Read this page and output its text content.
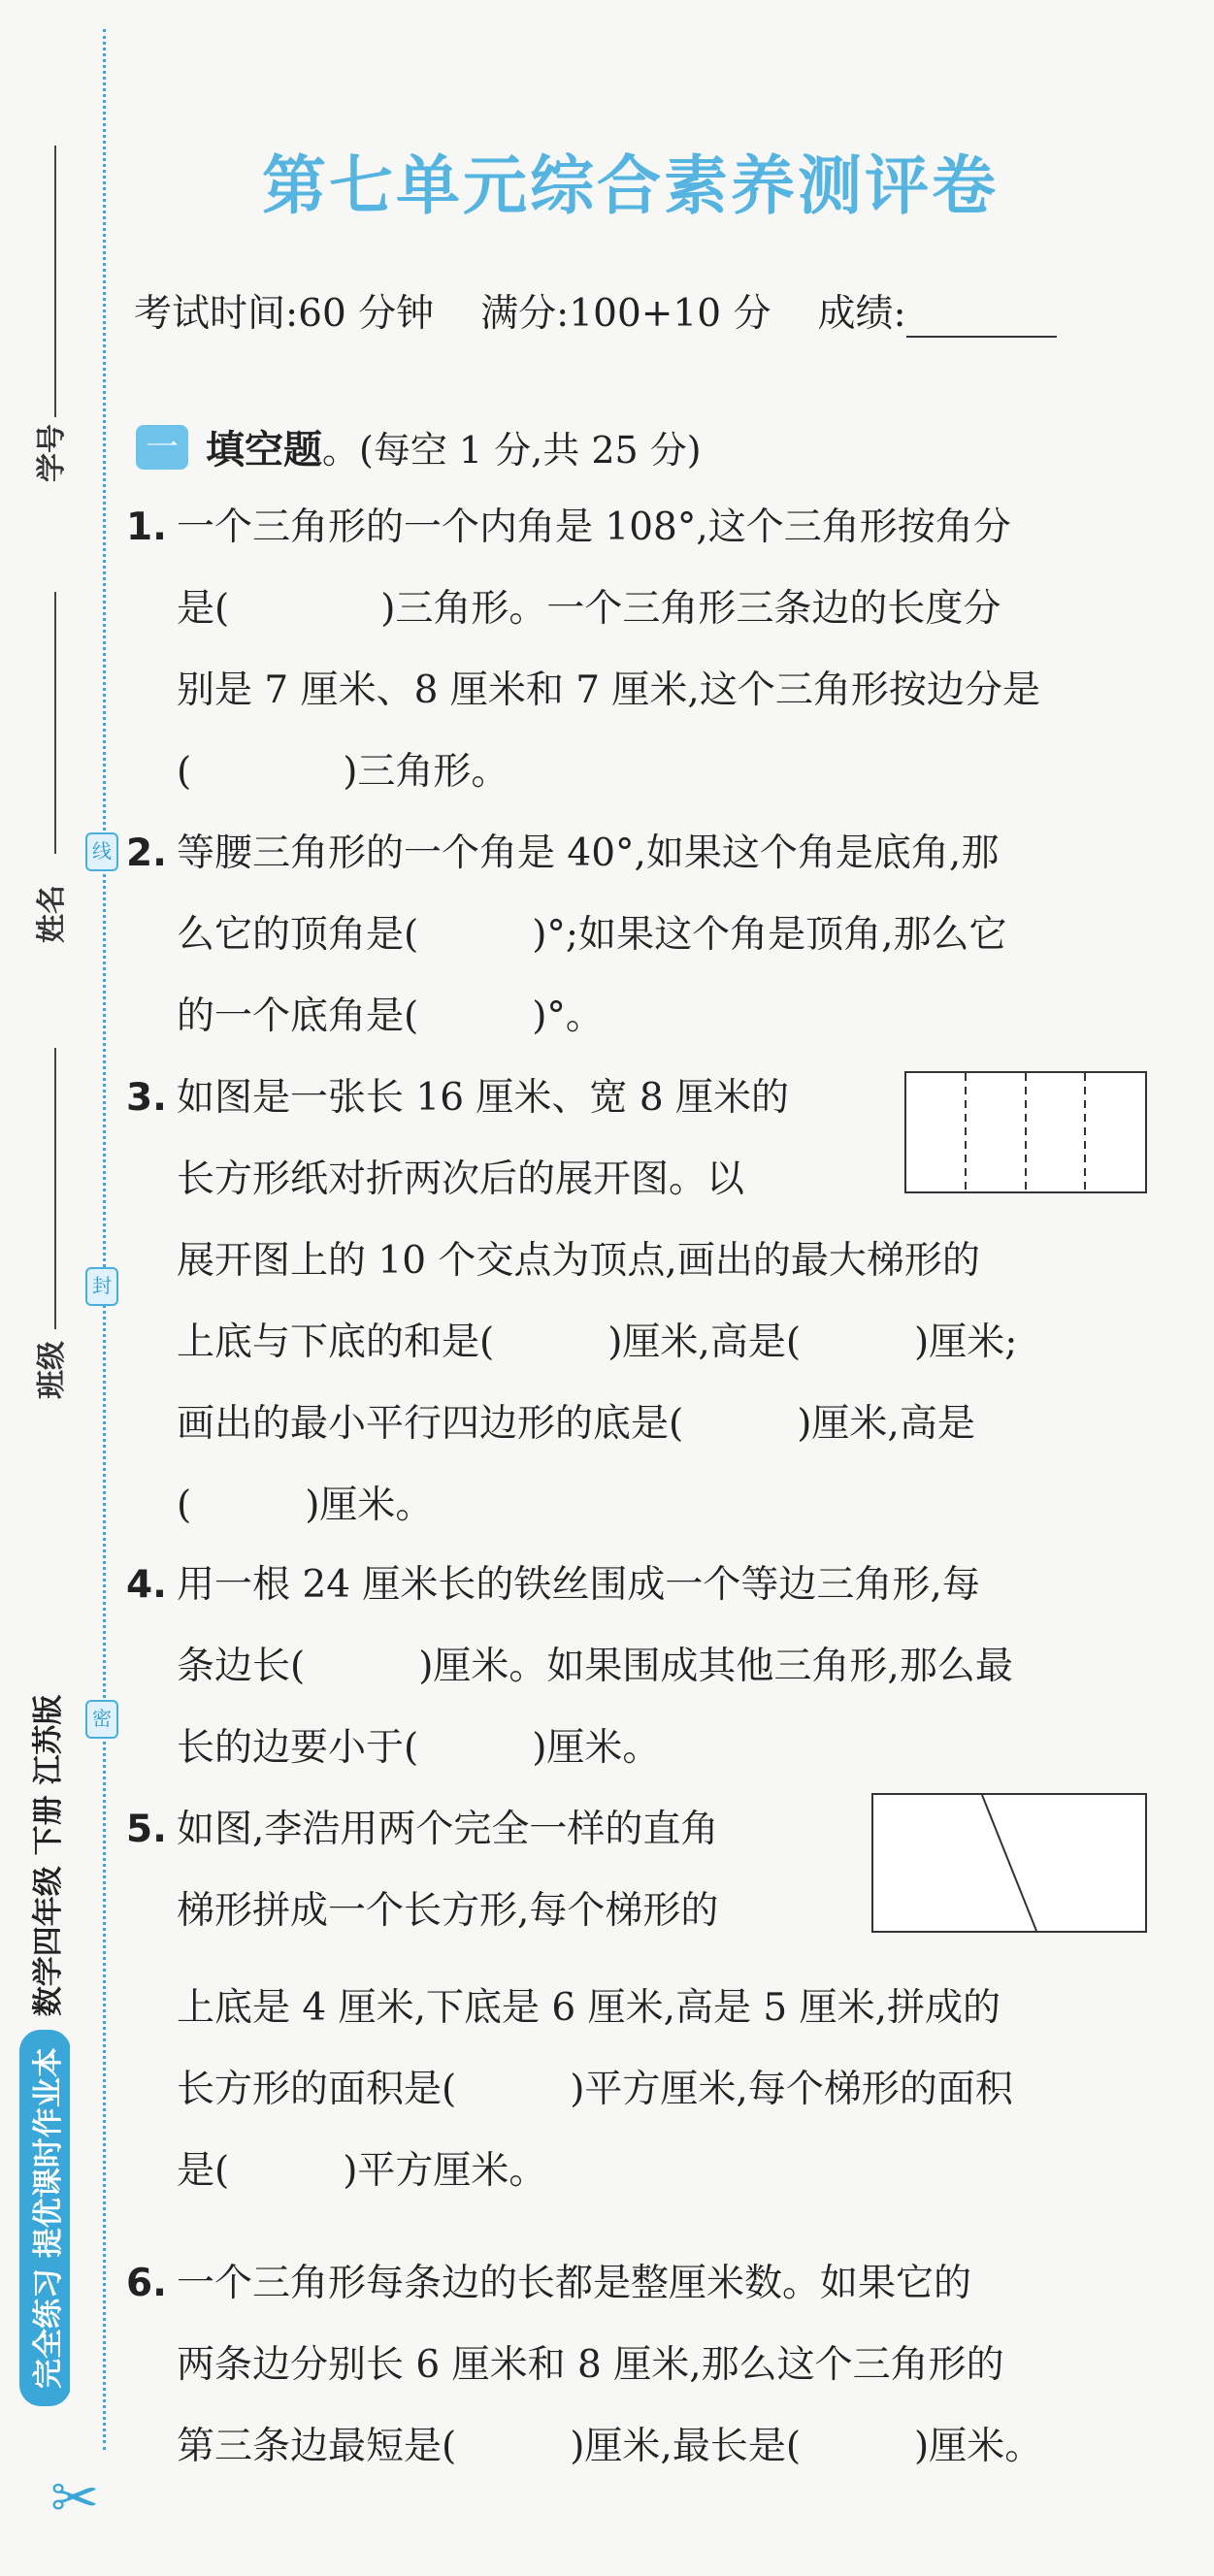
学号
姓名
班级
线
封
密
完全练习 提优课时作业本
数学四年级 下册 江苏版
✂
第七单元综合素养测评卷
考试时间:60 分钟 满分:100+10 分 成绩:
一 填空题 。(每空 1 分,共 25 分)
1. 一个三角形的一个内角是 108°,这个三角形按角分
是(　　　　)三角形。一个三角形三条边的长度分
别是 7 厘米、8 厘米和 7 厘米,这个三角形按边分是
(　　　　)三角形。
2. 等腰三角形的一个角是 40°,如果这个角是底角,那
么它的顶角是(　　　)°;如果这个角是顶角,那么它
的一个底角是(　　　)°。
3. 如图是一张长 16 厘米、宽 8 厘米的
长方形纸对折两次后的展开图。以
展开图上的 10 个交点为顶点,画出的最大梯形的
上底与下底的和是(　　　)厘米,高是(　　　)厘米;
画出的最小平行四边形的底是(　　　)厘米,高是
(　　　)厘米。
4. 用一根 24 厘米长的铁丝围成一个等边三角形,每
条边长(　　　)厘米。如果围成其他三角形,那么最
长的边要小于(　　　)厘米。
5. 如图,李浩用两个完全一样的直角
梯形拼成一个长方形,每个梯形的
上底是 4 厘米,下底是 6 厘米,高是 5 厘米,拼成的
长方形的面积是(　　　)平方厘米,每个梯形的面积
是(　　　)平方厘米。
6. 一个三角形每条边的长都是整厘米数。如果它的
两条边分别长 6 厘米和 8 厘米,那么这个三角形的
第三条边最短是(　　　)厘米,最长是(　　　)厘米。
